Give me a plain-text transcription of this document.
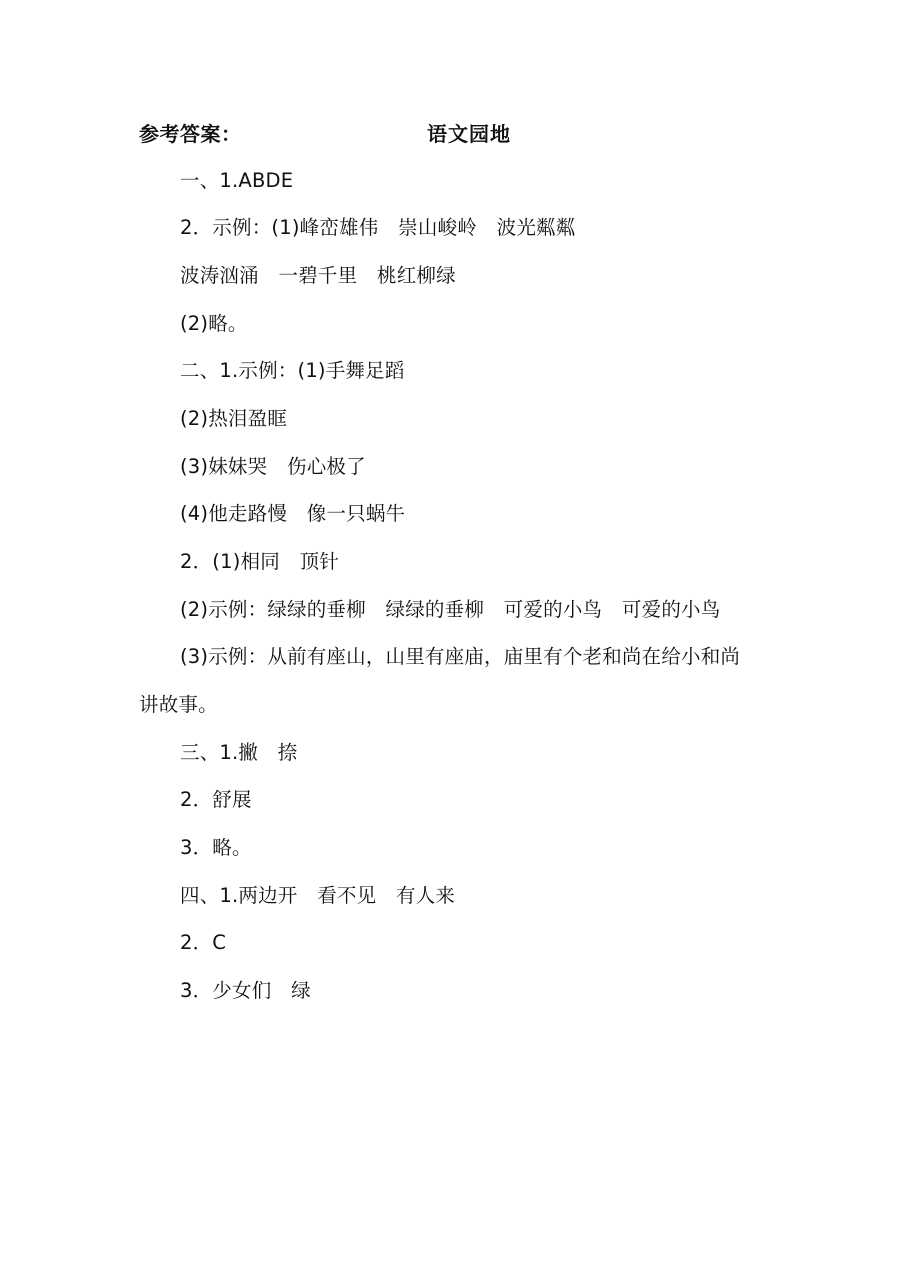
参考答案：	语文园地
一、1.ABDE
2．示例：(1)峰峦雄伟　崇山峻岭　波光粼粼
波涛汹涌　一碧千里　桃红柳绿
(2)略。
二、1.示例：(1)手舞足蹈
(2)热泪盈眶
(3)妹妹哭　伤心极了
(4)他走路慢　像一只蜗牛
2．(1)相同　顶针
(2)示例：绿绿的垂柳　绿绿的垂柳　可爱的小鸟　可爱的小鸟
(3)示例：从前有座山，山里有座庙，庙里有个老和尚在给小和尚
讲故事。
三、1.撇　捺
2．舒展
3．略。
四、1.两边开　看不见　有人来
2．C
3．少女们　绿
